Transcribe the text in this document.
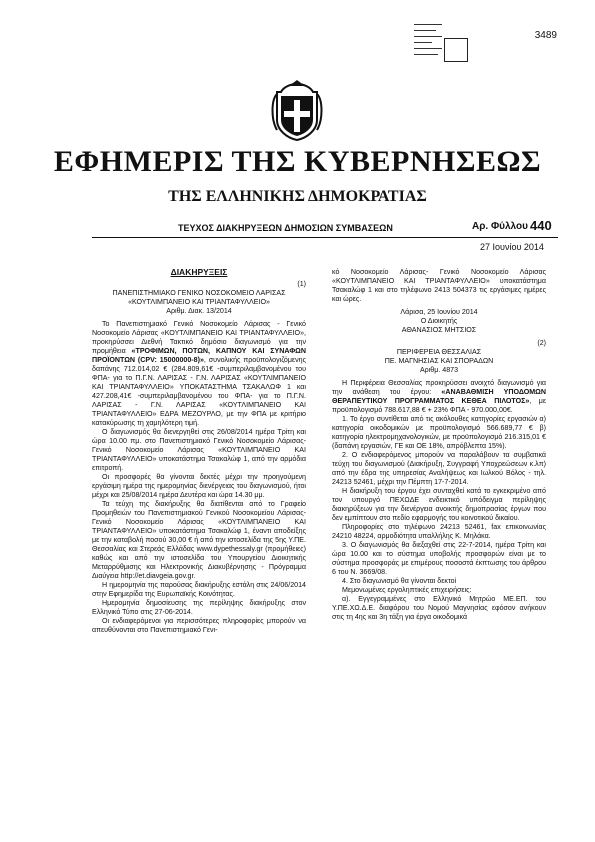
3489
ΕΦΗΜΕΡΙΣ ΤΗΣ ΚΥΒΕΡΝΗΣΕΩΣ
ΤΗΣ ΕΛΛΗΝΙΚΗΣ ΔΗΜΟΚΡΑΤΙΑΣ
ΤΕΥΧΟΣ ΔΙΑΚΗΡΥΞΕΩΝ ΔΗΜΟΣΙΩΝ ΣΥΜΒΑΣΕΩΝ	Αρ. Φύλλου 440
27 Ιουνίου 2014

ΔΙΑΚΗΡΥΞΕΙΣ

(1)

ΠΑΝΕΠΙΣΤΗΜΙΑΚΟ ΓΕΝΙΚΟ ΝΟΣΟΚΟΜΕΙΟ ΛΑΡΙΣΑΣ

«ΚΟΥΤΛΙΜΠΑΝΕΙΟ ΚΑΙ ΤΡΙΑΝΤΑΦΥΛΛΕΙΟ»

Αριθμ. Διακ. 13/2014

Το Πανεπιστημιακό Γενικό Νοσοκομείο Λάρισας - Γενικό Νοσοκομείο Λάρισας «ΚΟΥΤΛΙΜΠΑΝΕΙΟ ΚΑΙ ΤΡΙΑΝΤΑΦΥΛΛΕΙΟ», προκηρύσσει Διεθνή Τακτικό δημόσιο διαγωνισμό για την προμήθεια «ΤΡΟΦΙΜΩΝ, ΠΟΤΩΝ, ΚΑΠΝΟΥ ΚΑΙ ΣΥΝΑΦΩΝ ΠΡΟΪΟΝΤΩΝ (CPV: 15000000-8)», συνολικής προϋπολογιζόμενης δαπάνης 712.014,02 € (284.809,61€ -συμπεριλαμβανομένου του ΦΠΑ- για το Π.Γ.Ν. ΛΑΡΙΣΑΣ - Γ.Ν. ΛΑΡΙΣΑΣ «ΚΟΥΤΛΙΜΠΑΝΕΙΟ ΚΑΙ ΤΡΙΑΝΤΑΦΥΛΛΕΙΟ» ΥΠΟΚΑΤΑΣΤΗΜΑ ΤΣΑΚΑΛΩΦ 1 και 427.208,41€ -συμπεριλαμβανομένου του ΦΠΑ- για το Π.Γ.Ν. ΛΑΡΙΣΑΣ - Γ.Ν. ΛΑΡΙΣΑΣ «ΚΟΥΤΛΙΜΠΑΝΕΙΟ ΚΑΙ ΤΡΙΑΝΤΑΦΥΛΛΕΙΟ» ΕΔΡΑ ΜΕΖΟΥΡΛΟ, με την ΦΠΑ με κριτήριο κατακύρωσης τη χαμηλότερη τιμή.

Ο διαγωνισμός θα διενεργηθεί στις 26/08/2014 ημέρα Τρίτη και ώρα 10.00 πμ. στο Πανεπιστημιακό Γενικό Νοσοκομείο Λάρισας- Γενικό Νοσοκομείο Λάρισας «ΚΟΥΤΛΙΜΠΑΝΕΙΟ ΚΑΙ ΤΡΙΑΝΤΑΦΥΛΛΕΙΟ» υποκατάστημα Τσακαλώφ 1, από την αρμόδια επιτροπή.

Οι προσφορές θα γίνονται δεκτές μέχρι την προηγούμενη εργάσιμη ημέρα της ημερομηνίας διενέργειας του διαγωνισμού, ήτοι μέχρι και 25/08/2014 ημέρα Δευτέρα και ώρα 14.30 μμ.

Τα τεύχη της διακήρυξης θα διατίθενται από το Γραφείο Προμηθειών του Πανεπιστημιακού Γενικού Νοσοκομείου Λάρισας-Γενικό Νοσοκομείο Λάρισας «ΚΟΥΤΛΙΜΠΑΝΕΙΟ ΚΑΙ ΤΡΙΑΝΤΑΦΥΛΛΕΙΟ» υποκατάστημα Τσακαλώφ 1, έναντι αποδείξης με την καταβολή ποσού 30,00 € ή από την ιστοσελίδα της 5ης Υ.ΠΕ. Θεσσαλίας και Στερεάς Ελλάδας www.dypethessaly.gr (προμήθειες) καθώς και από την ιστοσελίδα του Υπουργείου Διοικητικής Μεταρρύθμισης και Ηλεκτρονικής Διακυβέρνησης - Πρόγραμμα Διαύγεια http://et.diavgeia.gov.gr.

Η ημερομηνία της παρούσας διακήρυξης εστάλη στις 24/06/2014 στην Εφημερίδα της Ευρωπαϊκής Κοινότητας.

Ημερομηνία δημοσίευσης της περίληψης διακήρυξης στον Ελληνικό Τύπο στις 27-06-2014.

Οι ενδιαφερόμενοι για περισσότερες πληροφορίες μπορούν να απευθύνονται στο Πανεπιστημιακό Γενι-

κό Νοσοκομείο Λάρισας- Γενικό Νοσοκομείο Λάρισας «ΚΟΥΤΛΙΜΠΑΝΕΙΟ ΚΑΙ ΤΡΙΑΝΤΑΦΥΛΛΕΙΟ» υποκατάστημα Τσακαλώφ 1 και στο τηλέφωνο 2413 504373 τις εργάσιμες ημέρες και ώρες.

Λάρισα, 25 Ιουνίου 2014

Ο Διοικητής

ΑΘΑΝΑΣΙΟΣ ΜΗΤΣΙΟΣ

(2)

ΠΕΡΙΦΕΡΕΙΑ ΘΕΣΣΑΛΙΑΣ

ΠΕ. ΜΑΓΝΗΣΙΑΣ ΚΑΙ ΣΠΟΡΑΔΩΝ

Αριθμ. 4873

Η Περιφέρεια Θεσσαλίας προκηρύσσει ανοιχτό διαγωνισμό για την ανάθεση του έργου: «ΑΝΑΒΑΘΜΙΣΗ ΥΠΟΔΟΜΩΝ ΘΕΡΑΠΕΥΤΙΚΟΥ ΠΡΟΓΡΑΜΜΑΤΟΣ ΚΕΘΕΑ ΠΙΛΟΤΟΣ», με προϋπολογισμό 788.617,88 € + 23% ΦΠΑ - 970.000,00€.

1. Το έργο συντίθεται από τις ακόλουθες κατηγορίες εργασιών α) κατηγορία οικοδομικών με προϋπολογισμό 566.689,77 € β) κατηγορία ηλεκτρομηχανολογικών, με προϋπολογισμό 216.315,01 € (δαπάνη εργασιών, ΓΕ και ΟΕ 18%, απρόβλεπτα 15%).

2. Ο ενδιαφερόμενος μπορούν να παραλάβουν τα συμβατικά τεύχη του διαγωνισμού (Διακήρυξη, Συγγραφή Υποχρεώσεων κ.λπ) από την έδρα της υπηρεσίας Αναλήψεως και Ιωλκού Βόλος - τηλ. 24213 52461, μέχρι την Πέμπτη 17-7-2014.

Η διακήρυξη του έργου έχει συνταχθεί κατά το εγκεκριμένο από τον υπουργό ΠΕΧΩΔΕ ενδεικτικό υπόδειγμα περίληψης διακηρύξεων για την διενέργεια ανοικτής δημοπρασίας έργων που δεν εμπίπτουν στο πεδίο εφαρμογής του κοινοτικού δικαίου.

Πληροφορίες στο τηλέφωνο 24213 52461, fax επικοινωνίας 24210 48224, αρμοδιότητα υπαλλήλης Κ. Μηλάκα.

3. Ο διαγωνισμός θα διεξαχθεί στις 22-7-2014, ημέρα Τρίτη και ώρα 10.00 και το σύστημα υποβολής προσφορών είναι με το σύστημα προσφοράς με επιμέρους ποσοστά έκπτωσης του άρθρου 6 του Ν. 3669/08.

4. Στο διαγωνισμό θα γίνονται δεκτοί

Μεμονωμένες εργοληπτικές επιχειρήσεις:

α). Εγγεγραμμένες στο Ελληνικό Μητρώο ΜΕ.ΕΠ. του Υ.ΠΕ.ΧΩ.Δ.Ε. διαφόρου του Νομού Μαγνησίας εφόσον ανήκουν στις τη 4ης και 3η τάξη για έργα οικοδομικά
